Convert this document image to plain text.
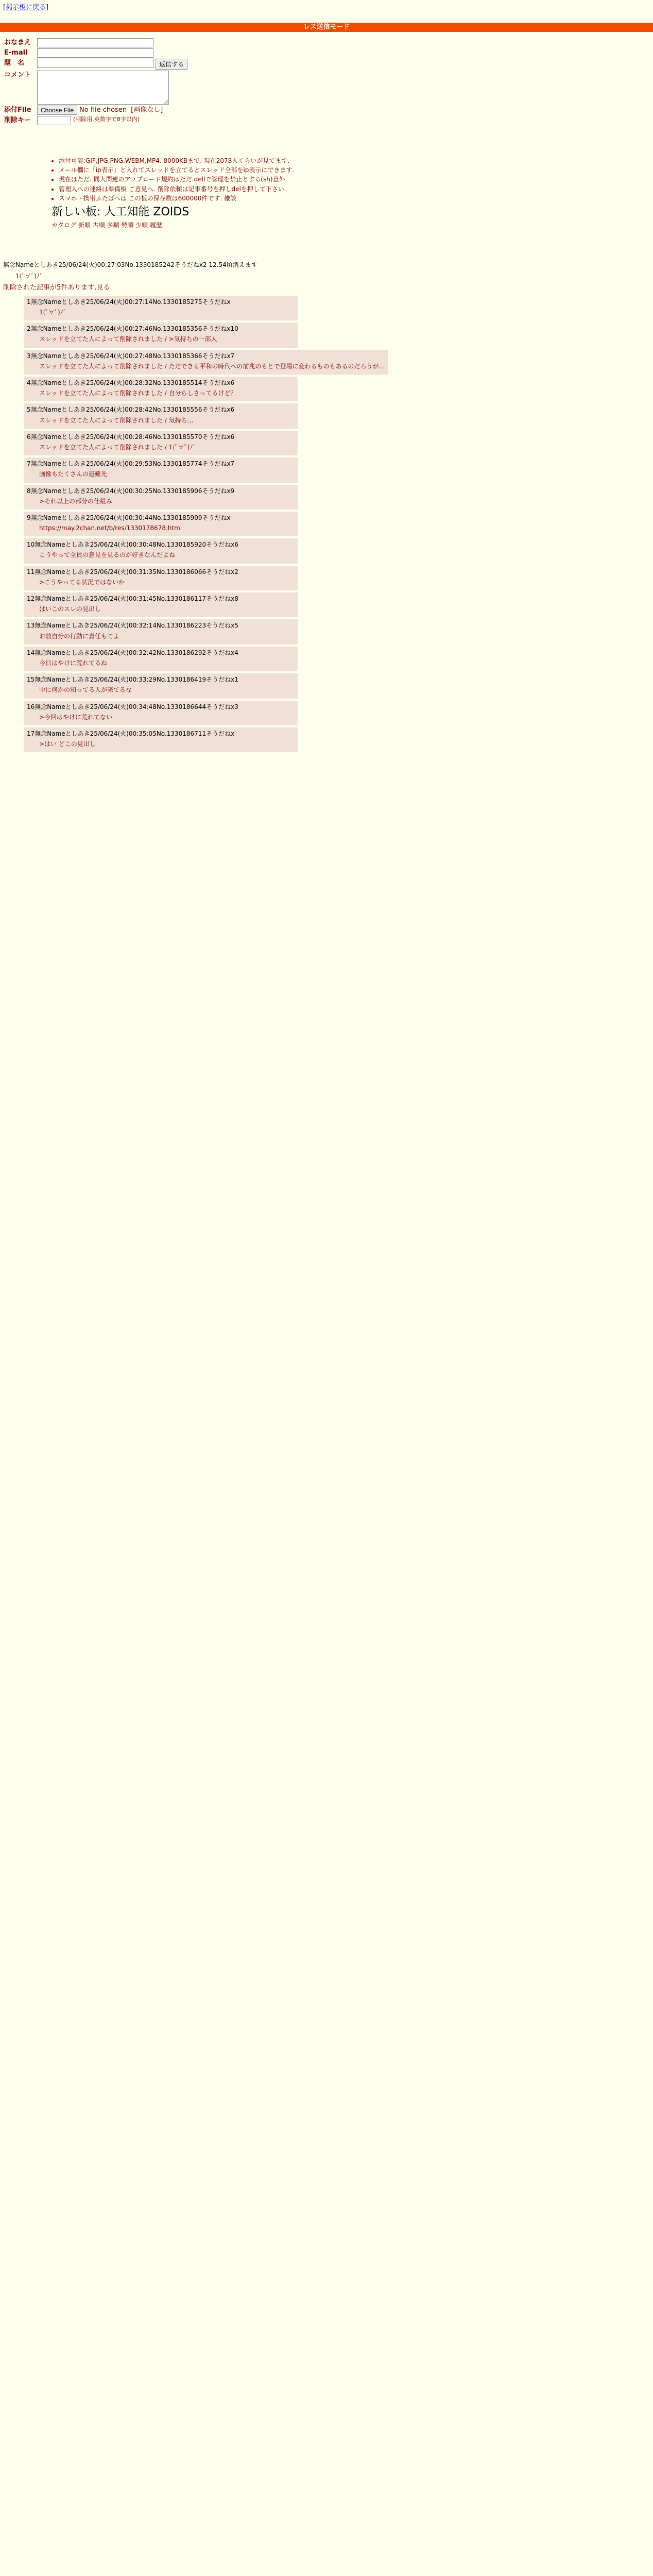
[掲示板に戻る]
レス送信モード
おなまえ
E-mail
題　名	返信する
コメント
添付File	Choose File No file chosen [画像なし]
削除キー	(削除用.英数字で8字以内)
• 添付可能:GIF,JPG,PNG,WEBM,MP4. 8000KBまで. 現在2078人くらいが見てます.
• メール欄に「ip表示」と入れてスレッドを立てるとスレッド全部をip表示にできます.
• 現在はただ. 同人関連のアップロード規約はただ.dellで管理を禁止とする(sh)意外.
• 管理人への連絡は準備板 ご意見へ. 削除依頼は記事番号を押しdelを押して下さい.
• スマホ・携帯ふたばへは この板の保存数は600000件です. 雑談
新しい板: 人工知能 ZOIDS
カタログ 新順 古順 多順 勢順 少順 履歴
無念Nameとしあき25/06/24(火)00:27:03No.1330185242そうだねx2 12.54頃消えます
1(ﾟ∀ﾟ)ﾉﾞ
削除された記事が5件あります.見る
1無念Nameとしあき25/06/24(火)00:27:14No.1330185275そうだねx
1(ﾟ∀ﾟ)ﾉﾞ
2無念Nameとしあき25/06/24(火)00:27:46No.1330185356そうだねx10
スレッドを立てた人によって削除されました / >気持ちの一部人
3無念Nameとしあき25/06/24(火)00:27:48No.1330185366そうだねx7
スレッドを立てた人によって削除されました / ただできる平和の時代への前兆のもとで登場に変わるものもあるのだろうが…
4無念Nameとしあき25/06/24(火)00:28:32No.1330185514そうだねx6
スレッドを立てた人によって削除されました / 自分らしさってるけど？
5無念Nameとしあき25/06/24(火)00:28:42No.1330185556そうだねx6
スレッドを立てた人によって削除されました / 気持ち…
6無念Nameとしあき25/06/24(火)00:28:46No.1330185570そうだねx6
スレッドを立てた人によって削除されました / 1(ﾟ∀ﾟ)ﾉﾞ
7無念Nameとしあき25/06/24(火)00:29:53No.1330185774そうだねx7
画像もたくさんの避難先
8無念Nameとしあき25/06/24(火)00:30:25No.1330185906そうだねx9
>それ以上の部分の仕組み
9無念Nameとしあき25/06/24(火)00:30:44No.1330185909そうだねx
https://may.2chan.net/b/res/1330178678.htm
10無念Nameとしあき25/06/24(火)00:30:48No.1330185920そうだねx6
こうやって全員の意見を見るのが好きなんだよね
11無念Nameとしあき25/06/24(火)00:31:35No.1330186066そうだねx2
>こうやってる状況ではないか
12無念Nameとしあき25/06/24(火)00:31:45No.1330186117そうだねx8
はいこのスレの見出し
13無念Nameとしあき25/06/24(火)00:32:14No.1330186223そうだねx5
お前自分の行動に責任もてよ
14無念Nameとしあき25/06/24(火)00:32:42No.1330186292そうだねx4
今日はやけに荒れてるね
15無念Nameとしあき25/06/24(火)00:33:29No.1330186419そうだねx1
中に何かの知ってる人が来てるな
16無念Nameとしあき25/06/24(火)00:34:48No.1330186644そうだねx3
>今回はやけに荒れてない
17無念Nameとしあき25/06/24(火)00:35:05No.1330186711そうだねx
>はい どこの見出し
